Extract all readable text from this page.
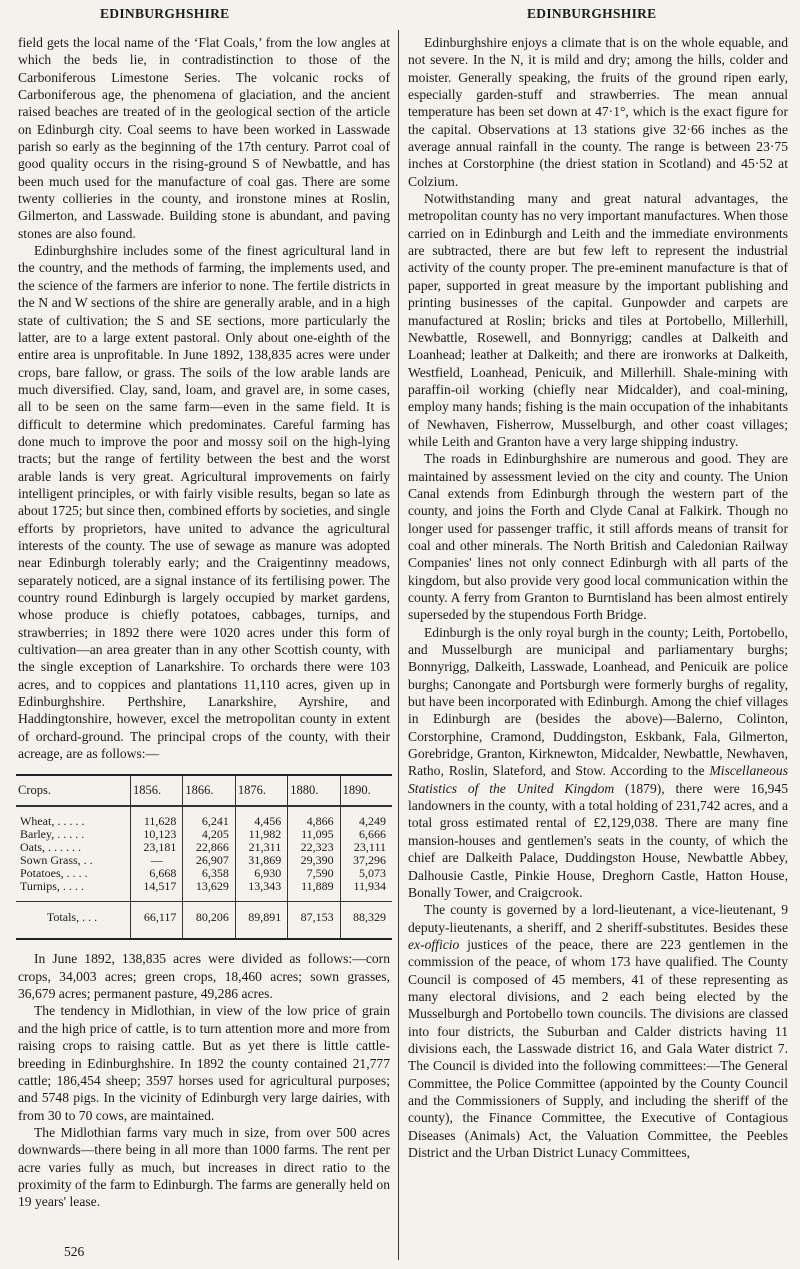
EDINBURGHSHIRE	EDINBURGHSHIRE

field gets the local name of the ‘Flat Coals,’ from the low angles at which the beds lie, in contradistinction to those of the Carboniferous Limestone Series. The volcanic rocks of Carboniferous age, the phenomena of glaciation, and the ancient raised beaches are treated of in the geological section of the article on Edinburgh city. Coal seems to have been worked in Lasswade parish so early as the beginning of the 17th century. Parrot coal of good quality occurs in the rising-ground S of Newbattle, and has been much used for the manufacture of coal gas. There are some twenty collieries in the county, and ironstone mines at Roslin, Gilmerton, and Lasswade. Building stone is abundant, and paving stones are also found.

Edinburghshire includes some of the finest agricultural land in the country, and the methods of farming, the implements used, and the science of the farmers are inferior to none. The fertile districts in the N and W sections of the shire are generally arable, and in a high state of cultivation; the S and SE sections, more particularly the latter, are to a large extent pastoral. Only about one-eighth of the entire area is unprofitable. In June 1892, 138,835 acres were under crops, bare fallow, or grass. The soils of the low arable lands are much diversified. Clay, sand, loam, and gravel are, in some cases, all to be seen on the same farm—even in the same field. It is difficult to determine which predominates. Careful farming has done much to improve the poor and mossy soil on the high-lying tracts; but the range of fertility between the best and the worst arable lands is very great. Agricultural improvements on fairly intelligent principles, or with fairly visible results, began so late as about 1725; but since then, combined efforts by societies, and single efforts by proprietors, have united to advance the agricultural interests of the county. The use of sewage as manure was adopted near Edinburgh tolerably early; and the Craigentinny meadows, separately noticed, are a signal instance of its fertilising power. The country round Edinburgh is largely occupied by market gardens, whose produce is chiefly potatoes, cabbages, turnips, and strawberries; in 1892 there were 1020 acres under this form of cultivation—an area greater than in any other Scottish county, with the single exception of Lanarkshire. To orchards there were 103 acres, and to coppices and plantations 11,110 acres, given up in Edinburghshire. Perthshire, Lanarkshire, Ayrshire, and Haddingtonshire, however, excel the metropolitan county in extent of orchard-ground. The principal crops of the county, with their acreage, are as follows:—

Crops.	1856.	1866.	1876.	1880.	1890.
Wheat, . . . . .	11,628	6,241	4,456	4,866	4,249
Barley, . . . . .	10,123	4,205	11,982	11,095	6,666
Oats, . . . . . .	23,181	22,866	21,311	22,323	23,111
Sown Grass, . .	—	26,907	31,869	29,390	37,296
Potatoes, . . . .	6,668	6,358	6,930	7,590	5,073
Turnips, . . . .	14,517	13,629	13,343	11,889	11,934
Totals, . . .	66,117	80,206	89,891	87,153	88,329

In June 1892, 138,835 acres were divided as follows:—corn crops, 34,003 acres; green crops, 18,460 acres; sown grasses, 36,679 acres; permanent pasture, 49,286 acres.

The tendency in Midlothian, in view of the low price of grain and the high price of cattle, is to turn attention more and more from raising crops to raising cattle. But as yet there is little cattle-breeding in Edinburghshire. In 1892 the county contained 21,777 cattle; 186,454 sheep; 3597 horses used for agricultural purposes; and 5748 pigs. In the vicinity of Edinburgh very large dairies, with from 30 to 70 cows, are maintained.

The Midlothian farms vary much in size, from over 500 acres downwards—there being in all more than 1000 farms. The rent per acre varies fully as much, but increases in direct ratio to the proximity of the farm to Edinburgh. The farms are generally held on 19 years' lease.

Edinburghshire enjoys a climate that is on the whole equable, and not severe. In the N, it is mild and dry; among the hills, colder and moister. Generally speaking, the fruits of the ground ripen early, especially garden-stuff and strawberries. The mean annual temperature has been set down at 47·1°, which is the exact figure for the capital. Observations at 13 stations give 32·66 inches as the average annual rainfall in the county. The range is between 23·75 inches at Corstorphine (the driest station in Scotland) and 45·52 at Colzium.

Notwithstanding many and great natural advantages, the metropolitan county has no very important manufactures. When those carried on in Edinburgh and Leith and the immediate environments are subtracted, there are but few left to represent the industrial activity of the county proper. The pre-eminent manufacture is that of paper, supported in great measure by the important publishing and printing businesses of the capital. Gunpowder and carpets are manufactured at Roslin; bricks and tiles at Portobello, Millerhill, Newbattle, Rosewell, and Bonnyrigg; candles at Dalkeith and Loanhead; leather at Dalkeith; and there are ironworks at Dalkeith, Westfield, Loanhead, Penicuik, and Millerhill. Shale-mining with paraffin-oil working (chiefly near Midcalder), and coal-mining, employ many hands; fishing is the main occupation of the inhabitants of Newhaven, Fisherrow, Musselburgh, and other coast villages; while Leith and Granton have a very large shipping industry.

The roads in Edinburghshire are numerous and good. They are maintained by assessment levied on the city and county. The Union Canal extends from Edinburgh through the western part of the county, and joins the Forth and Clyde Canal at Falkirk. Though no longer used for passenger traffic, it still affords means of transit for coal and other minerals. The North British and Caledonian Railway Companies' lines not only connect Edinburgh with all parts of the kingdom, but also provide very good local communication within the county. A ferry from Granton to Burntisland has been almost entirely superseded by the stupendous Forth Bridge.

Edinburgh is the only royal burgh in the county; Leith, Portobello, and Musselburgh are municipal and parliamentary burghs; Bonnyrigg, Dalkeith, Lasswade, Loanhead, and Penicuik are police burghs; Canongate and Portsburgh were formerly burghs of regality, but have been incorporated with Edinburgh. Among the chief villages in Edinburgh are (besides the above)—Balerno, Colinton, Corstorphine, Cramond, Duddingston, Eskbank, Fala, Gilmerton, Gorebridge, Granton, Kirknewton, Midcalder, Newbattle, Newhaven, Ratho, Roslin, Slateford, and Stow. According to the Miscellaneous Statistics of the United Kingdom (1879), there were 16,945 landowners in the county, with a total holding of 231,742 acres, and a total gross estimated rental of £2,129,038. There are many fine mansion-houses and gentlemen's seats in the county, of which the chief are Dalkeith Palace, Duddingston House, Newbattle Abbey, Dalhousie Castle, Pinkie House, Dreghorn Castle, Hatton House, Bonally Tower, and Craigcrook.

The county is governed by a lord-lieutenant, a vice-lieutenant, 9 deputy-lieutenants, a sheriff, and 2 sheriff-substitutes. Besides these ex-officio justices of the peace, there are 223 gentlemen in the commission of the peace, of whom 173 have qualified. The County Council is composed of 45 members, 41 of these representing as many electoral divisions, and 2 each being elected by the Musselburgh and Portobello town councils. The divisions are classed into four districts, the Suburban and Calder districts having 11 divisions each, the Lasswade district 16, and Gala Water district 7. The Council is divided into the following committees:—The General Committee, the Police Committee (appointed by the County Council and the Commissioners of Supply, and including the sheriff of the county), the Finance Committee, the Executive of Contagious Diseases (Animals) Act, the Valuation Committee, the Peebles District and the Urban District Lunacy Committees,

526
